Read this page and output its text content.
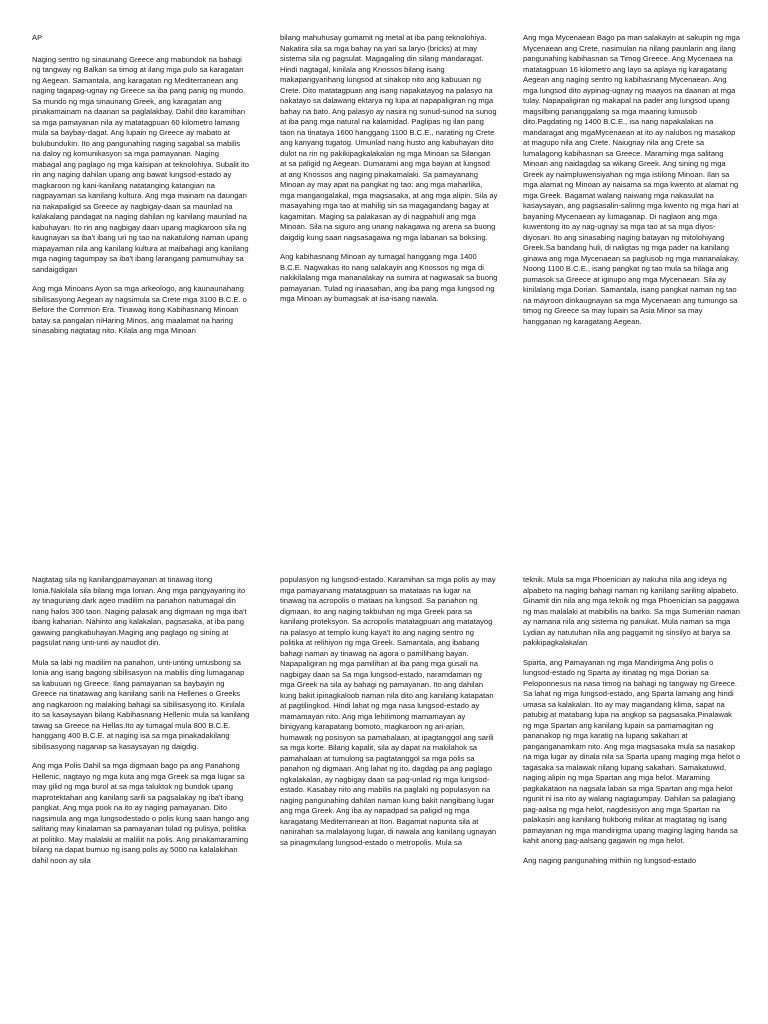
AP

Naging sentro ng sinaunang Greece ang mabundok na bahagi ng tangway ng Balkan sa timog at ilang mga pulo sa karagatan ng Aegean. Samantala, ang karagatan ng Mediterranean ang naging tagapag-ugnay ng Greece sa iba pang panig ng mundo. Sa mundo ng mga sinaunang Greek, ang karagatan ang pinakamainam na daanan sa paglalakbay. Dahil dito karamihan sa mga pamayanan nila ay matatagpuan 60 kilometro lamang mula sa baybay-dagat. Ang lupain ng Greece ay mabato at bulubundukin. Ito ang pangunahing naging sagabal sa mabilis na daloy ng komunikasyon sa mga pamayanan. Naging mabagal ang paglago ng mga kaisipan at teknolohiya. Subalit ito rin ang naging dahilan upang ang bawat lungsod-estado ay magkaroon ng kani-kanilang natatanging katangian na nagpayaman sa kanilang kultura. Ang mga mainam na daungan na nakapaligid sa Greece ay nagbigay-daan sa maunlad na kalakalang pandagat na naging dahilan ng kanilang maunlad na kabuhayan. Ito rin ang nagbigay daan upang magkaroon sila ng kaugnayan sa iba't ibang uri ng tao na nakatulong naman upang mapayaman nila ang kanilang kultura at maibahagi ang kanilang mga naging tagumpay sa iba't ibang larangang pamumuhay sa sandaigdigan

Ang mga Minoans Ayon sa mga arkeologo, ang kaunaunahang sibilisasyong Aegean ay nagsimula sa Crete mga 3100 B.C.E. o Before the Common Era. Tinawag itong Kabihasnang Minoan batay sa pangalan niHaring Minos, ang maalamat na haring sinasabing nagtatag nito. Kilala ang mga Minoan

bilang mahuhusay gumamit ng metal at iba pang teknolohiya. Nakatira sila sa mga bahay na yari sa laryo (bricks) at may sistema sila ng pagsulat. Magagaling din silang mandaragat. Hindi nagtagal, kinilala ang Knossos bilang isang makapangyarihang lungsod at sinakop nito ang kabuuan ng Crete. Dito matatagpuan ang isang napakatayog na palasyo na nakatayo sa dalawang ektarya ng lupa at napapaligiran ng mga bahay na bato. Ang palasyo ay nasira ng sunud-sunod na sunog at iba pang mga natural na kalamidad. Paglipas ng ilan pang taon na tinataya 1600 hanggang 1100 B.C.E., narating ng Crete ang kanyang tugatog. Umunlad nang husto ang kabuhayan dito dulot na rin ng pakikipagkalakalan ng mga Minoan sa Silangan at sa paligid ng Aegean. Dumarami ang mga bayan at lungsod at ang Knossos ang naging pinakamalaki. Sa pamayanang Minoan ay may apat na pangkat ng tao: ang mga maharlika, mga mangangalakal, mga magsasaka, at ang mga alipin. Sila ay masayahing mga tao at mahilig sin sa magagandang bagay at kagamitan. Maging sa palakasan ay di nagpahuli ang mga Minoan. Sila na siguro ang unang nakagawa ng arena sa buong daigdig kung saan nagsasagawa ng mga labanan sa boksing.

Ang kabihasnang Minoan ay tumagal hanggang mga 1400 B.C.E. Nagwakas ito nang salakayin ang Knossos ng mga di nakikilalang mga mananalakay na sumira at nagwasak sa buong pamayanan. Tulad ng inaasahan, ang iba pang mga lungsod ng mga Minoan ay bumagsak at isa-isang nawala.

Ang mga Mycenaean Bago pa man salakayin at sakupin ng mga Mycenaean ang Crete, nasimulan na nilang paunlarin ang ilang pangunahing kabihasnan sa Timog Greece. Ang Mycenaea na matatagpuan 16 kilometro ang layo sa aplaya ng karagatang Aegean ang naging sentro ng kabihasnang Mycenaean. Ang mga lungsod dito aypinag-ugnay ng maayos na daanan at mga tulay. Napapaligiran ng makapal na pader ang lungsod upang magsilbing pananggalang sa mga maaring lumusob dito.Pagdating ng 1400 B.C.E., isa nang napakalakas na mandaragat ang mgaMycenaean at ito ay nalubos ng masakop at magupo nila ang Crete. Naiugnay nila ang Crete sa lumalagong kabihasnan sa Greece. Maraming mga salitang Minoan ang naidagdag sa wikang Greek. Ang sining ng mga Greek ay naimpluwensiyahan ng mga istilong Minoan. Ilan sa mga alamat ng Minoan ay naisama sa mga kwento at alamat ng mga Greek. Bagamat walang naiwang mga nakasulat na kasaysayan, ang pagsasalin-salinng mga kwento ng mga hari at bayaning Mycenaean ay lumaganap. Di naglaon ang mga kuwentong ito ay nag-ugnay sa mga tao at sa mga diyos-diyosan. Ito ang sinasabing naging batayan ng mitolohiyang Greek.Sa bandang huli, di naligtas ng mga pader na kanilang ginawa ang mga Mycenaean sa paglusob ng mga mananalakay. Noong 1100 B.C.E., isang pangkat ng tao mula sa hilaga ang pumasok sa Greece at iginupo ang mga Mycenaean. Sila ay kinilalang mga Dorian. Samantala, isang pangkat naman ng tao na mayroon dinkaugnayan sa mga Mycenaean ang tumungo sa timog ng Greece sa may lupain sa Asia Minor sa may hangganan ng karagatang Aegean.

Nagtatag sila ng kanilangpamayanan at tinawag itong Ionia.Nakilala sila bilang mga Ionian. Ang mga pangyayaring ito ay tinaguriang dark ageo madilim na panahon natumagal din nang halos 300 taon. Naging palasak ang digmaan ng mga iba't ibang kaharian. Nahinto ang kalakalan, pagsasaka, at iba pang gawaing pangkabuhayan.Maging ang paglago ng sining at pagsulat nang unti-unti ay naudlot din.

Mula sa labi ng madilim na panahon, unti-unting umusbong sa Ionia ang isang bagong sibilisasyon na mabilis ding lumaganap sa kabuuan ng Greece. Ilang pamayanan sa baybayin ng Greece na tinatawag ang kanilang sarili na Hellenes o Greeks ang nagkaroon ng malaking bahagi sa sibilisasyong ito. Kinilala ito sa kasaysayan bilang Kabihasnang Hellenic mula sa kanilang tawag sa Greece na Hellas.Ito ay tumagal mula 800 B.C.E. hanggang 400 B.C.E. at naging isa sa mga pinakadakilang sibilisasyong naganap sa kasaysayan ng daigdig.

Ang mga Polis Dahil sa mga digmaan bago pa ang Panahong Hellenic, nagtayo ng mga kuta ang mga Greek sa mga lugar sa may gilid ng mga burol at sa mga taluktok ng bundok upang maprotektahan ang kanilang sarili sa pagsalakay ng iba't ibang pangkat. Ang mga pook na ito ay naging pamayanan. Dito nagsimula ang mga lungsodestado o polis kung saan hango ang salitang may kinalaman sa pamayanan tulad ng pulisya, politika at politiko. May malalaki at maliliit na polis. Ang pinakamaraming bilang na dapat bumuo ng isang polis ay 5000 na kalalakihan dahil noon ay sila

populasyon ng lungsod-estado. Karamihan sa mga polis ay may mga pamayanang matatagpuan sa matataas na lugar na tinawag na acropolis o mataas na lungsod. Sa panahon ng digmaan, ito ang naging takbuhan ng mga Greek para sa kanilang proteksyon. Sa acropolis matatagpuan ang matatayog na palasyo at templo kung kaya't ito ang naging sentro ng politika at relihiyon ng mga Greek. Samantala, ang ibabang bahagi naman ay tinawag na agora o pamilihang bayan. Napapaligiran ng mga pamilihan at iba pang mga gusali na nagbigay daan sa Sa mga lungsod-estado, naramdaman ng mga Greek na sila ay bahagi ng pamayanan. Ito ang dahilan kung bakit ipinagkaloob naman nila dito ang kanilang katapatan at pagtilingkod. Hindi lahat ng mga nasa lungsod-estado ay mamamayan nito. Ang mga lehitimong mamamayan ay binigyang karapatang bomoto, magkaroon ng ari-arian, humawak ng posisyon sa pamahalaan, at ipagtanggol ang sarili sa mga korte. Bilang kapalit, sila ay dapat na makilahok sa pamahalaan at tumulong sa pagtatanggol sa mga polis sa panahon ng digmaan. Ang lahat ng ito, dagdag pa ang paglago ngkalakalan, ay nagbigay daan sa pag-unlad ng mga lungsod-estado. Kasabay nito ang mabilis na paglaki ng populasyon na naging pangunahing dahilan naman kung bakit nangibang lugar ang mga Greek. Ang iba ay napadpad sa paligid ng mga karagatang Mediterranean at Iton. Bagamat napunta sila at nanirahan sa malalayong lugar, di nawala ang kanilang ugnayan sa pinagmulang lungsod-estado o metropolis. Mula sa

teknik. Mula sa mga Phoenician ay nakuha nila ang ideya ng alpabeto na naging bahagi naman ng kanilang sariling alpabeto. Ginamit din nila ang mga teknik ng mga Phoenician sa paggawa ng mas malalaki at mabibilis na barko. Sa mga Sumerian naman ay namana nila ang sistema ng panukat. Mula naman sa mga Lydian ay natutuhan nila ang paggamit ng sinsilyo at barya sa pakikipagkalakalan

Sparta, ang Pamayanan ng mga Mandirigma Ang polis o lungsod-estado ng Sparta ay itinatag ng mga Dorian sa Peloponnesus na nasa timog na bahagi ng tangway ng Greece. Sa lahat ng mga lungsod-estado, ang Sparta lamang ang hindi umasa sa kalakalan. Ito ay may magandang klima, sapat na patubig at matabang lupa na angkop sa pagsasaka.Pinalawak ng mga Spartan ang kanilang lupain sa pamamagitan ng pananakop ng mga karatig na lupang sakahan at panganganamkam nito. Ang mga magsasaka mula sa nasakop na mga lugar ay dinala nila sa Sparta upang maging mga helot o tagasaka sa malawak nilang lupang sakahan. Samakatuwid, naging alipin ng mga Spartan ang mga helot. Maraming pagkakataon na nagsala laban sa mga Spartan ang mga helot ngunit ni isa rito ay walang nagtagumpay. Dahilan sa palagiang pag-aalsa ng mga helot, nagdesisyon ang mga Spartan na palakasin ang kanilang hukbong militar at magtatag ng isang pamayanan ng mga mandirigma upang maging laging handa sa kahit anong pag-aalsang gagawin ng mga helot.

Ang naging pangunahing mithiin ng lungsod-estado
